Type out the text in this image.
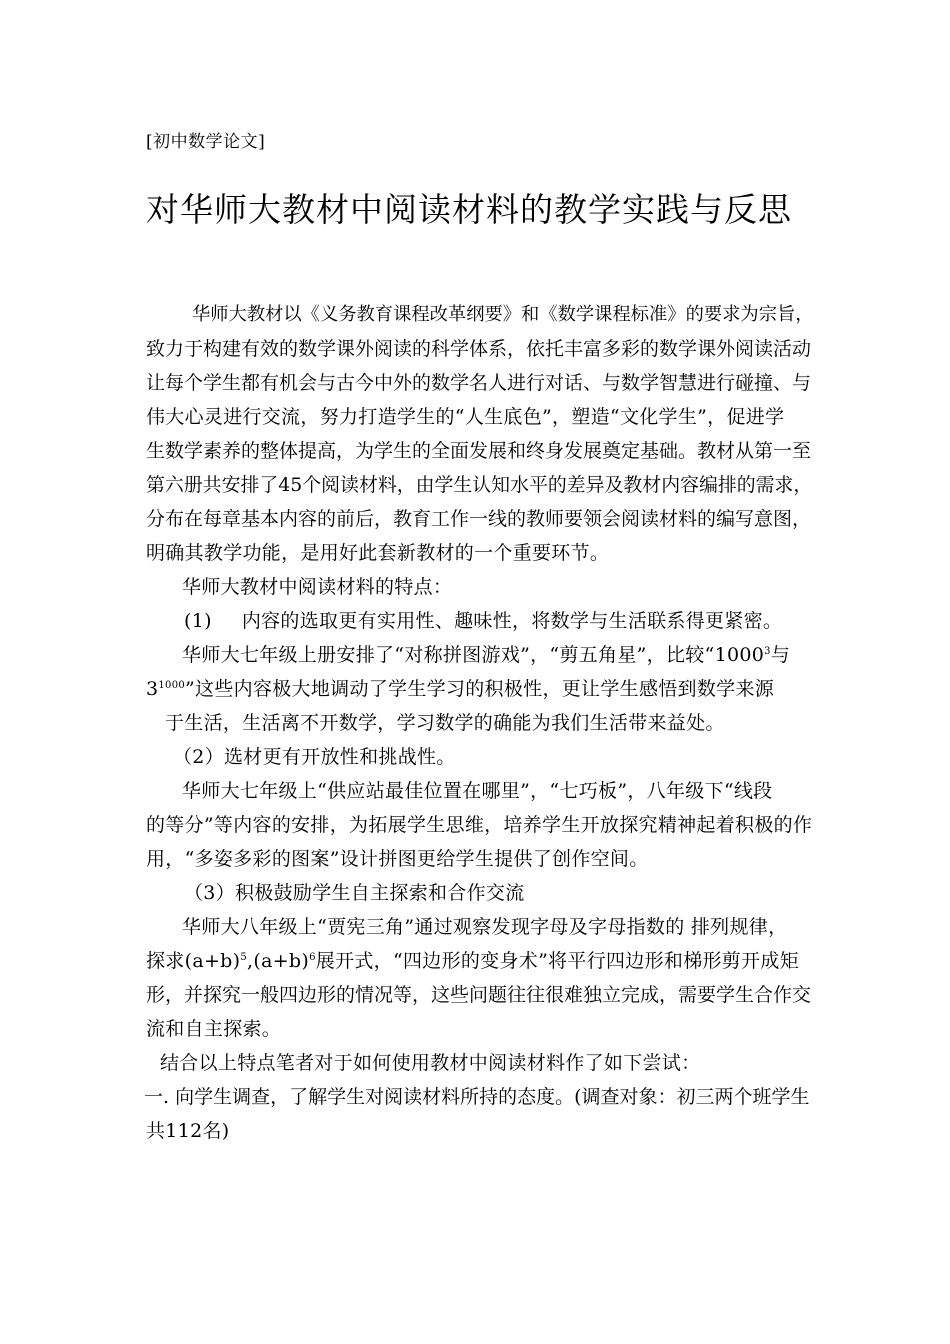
[初中数学论文]
对华师大教材中阅读材料的教学实践与反思
华师大教材以《义务教育课程改革纲要》和《数学课程标准》的要求为宗旨，
致力于构建有效的数学课外阅读的科学体系，依托丰富多彩的数学课外阅读活动
让每个学生都有机会与古今中外的数学名人进行对话、与数学智慧进行碰撞、与
伟大心灵进行交流，努力打造学生的“人生底色”，塑造“文化学生”，促进学
生数学素养的整体提高，为学生的全面发展和终身发展奠定基础。教材从第一至
第六册共安排了45个阅读材料，由学生认知水平的差异及教材内容编排的需求，
分布在每章基本内容的前后，教育工作一线的教师要领会阅读材料的编写意图，
明确其教学功能，是用好此套新教材的一个重要环节。
华师大教材中阅读材料的特点：
(1) 内容的选取更有实用性、趣味性，将数学与生活联系得更紧密。
华师大七年级上册安排了“对称拼图游戏”，“剪五角星”，比较“1000$^3$与
$3^{1000}$”这些内容极大地调动了学生学习的积极性，更让学生感悟到数学来源
于生活，生活离不开数学，学习数学的确能为我们生活带来益处。
（2）选材更有开放性和挑战性。
华师大七年级上“供应站最佳位置在哪里”，“七巧板”，八年级下“线段
的等分”等内容的安排，为拓展学生思维，培养学生开放探究精神起着积极的作
用，“多姿多彩的图案”设计拼图更给学生提供了创作空间。
（3）积极鼓励学生自主探索和合作交流
华师大八年级上“贾宪三角”通过观察发现字母及字母指数的 排列规律，
探求$(a+b)^5,(a+b)^6$展开式，“四边形的变身术”将平行四边形和梯形剪开成矩
形，并探究一般四边形的情况等，这些问题往往很难独立完成，需要学生合作交
流和自主探索。
结合以上特点笔者对于如何使用教材中阅读材料作了如下尝试：
一. 向学生调查，了解学生对阅读材料所持的态度。(调查对象：初三两个班学生
共112名)
